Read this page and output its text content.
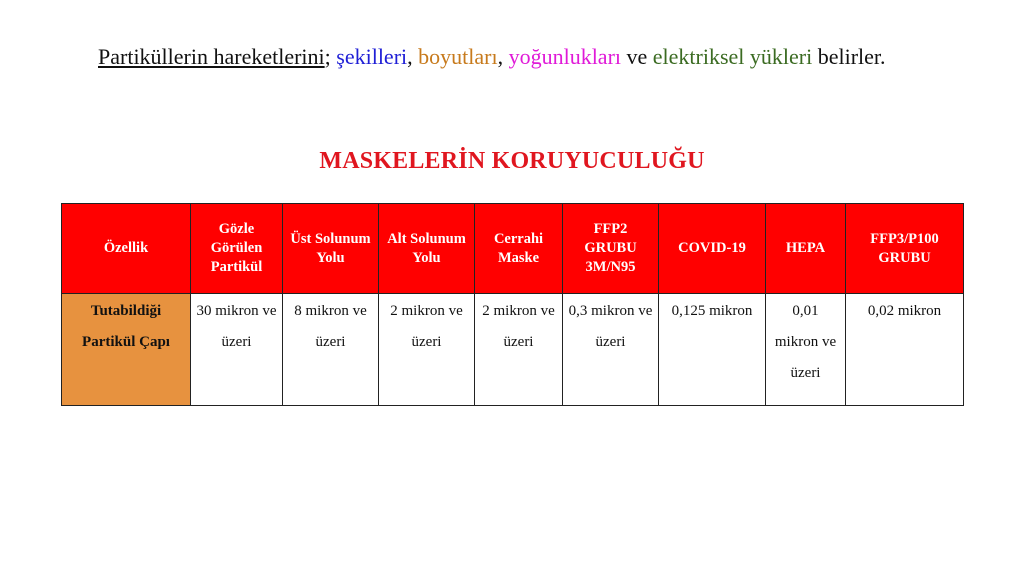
Partiküllerin hareketlerini; şekilleri, boyutları, yoğunlukları ve elektriksel yükleri belirler.
MASKELERİN KORUYUCULUĞU
Özellik	Gözle Görülen Partikül	Üst Solunum Yolu	Alt Solunum Yolu	Cerrahi Maske	FFP2 GRUBU 3M/N95	COVID-19	HEPA	FFP3/P100 GRUBU
Tutabildiği Partikül Çapı	30 mikron ve üzeri	8 mikron ve üzeri	2 mikron ve üzeri	2 mikron ve üzeri	0,3 mikron ve üzeri	0,125 mikron	0,01 mikron ve üzeri	0,02 mikron
